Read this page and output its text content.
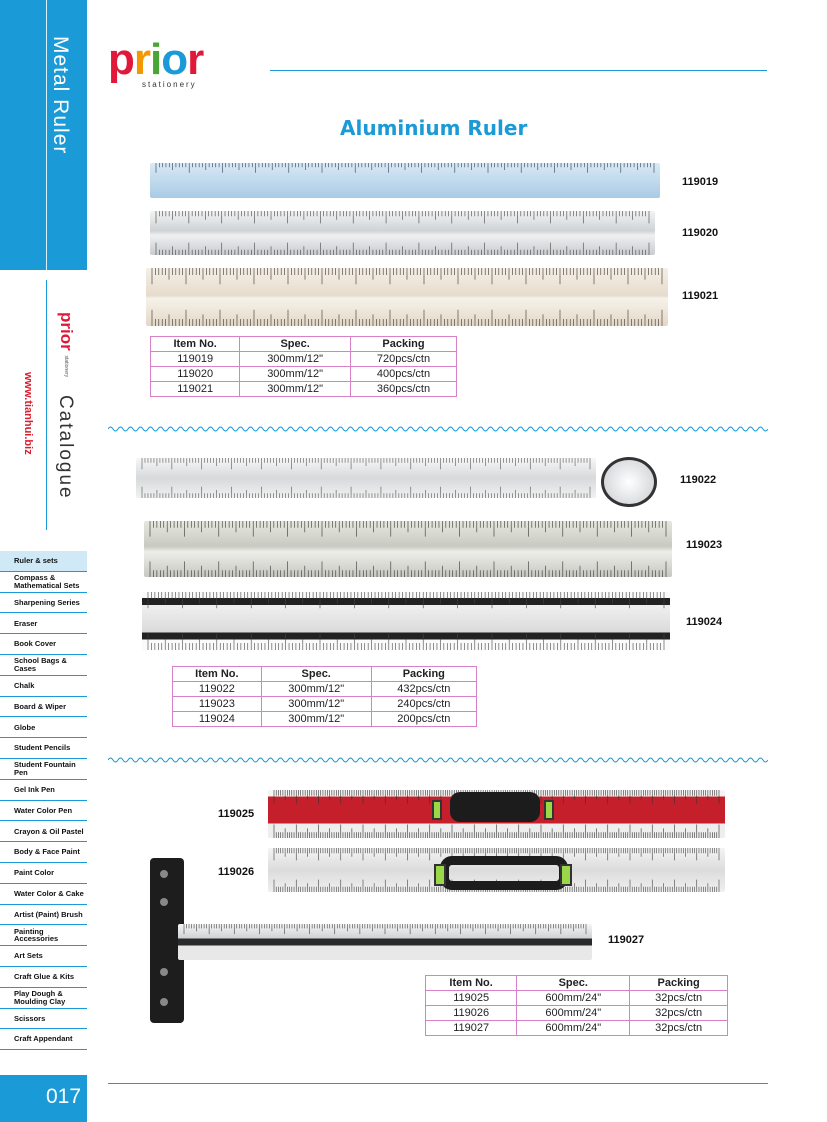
Metal Ruler
prior stationery
www.tianhui.biz Catalogue
Ruler & sets
Compass & Mathematical Sets
Sharpening Series
Eraser
Book Cover
School Bags & Cases
Chalk
Board & Wiper
Globe
Student Pencils
Student Fountain Pen
Gel Ink Pen
Water Color Pen
Crayon & Oil Pastel
Body & Face Paint
Paint Color
Water Color & Cake
Artist (Paint) Brush
Painting Accessories
Art Sets
Craft Glue & Kits
Play Dough & Moulding Clay
Scissors
Craft Appendant
017
prior
stationery
Aluminium Ruler
119019
119020
119021
Item No.	Spec.	Packing
119019	300mm/12"	720pcs/ctn
119020	300mm/12"	400pcs/ctn
119021	300mm/12"	360pcs/ctn
119022
119023
119024
Item No.	Spec.	Packing
119022	300mm/12"	432pcs/ctn
119023	300mm/12"	240pcs/ctn
119024	300mm/12"	200pcs/ctn
119025
119026
119027
Item No.	Spec.	Packing
119025	600mm/24"	32pcs/ctn
119026	600mm/24"	32pcs/ctn
119027	600mm/24"	32pcs/ctn
